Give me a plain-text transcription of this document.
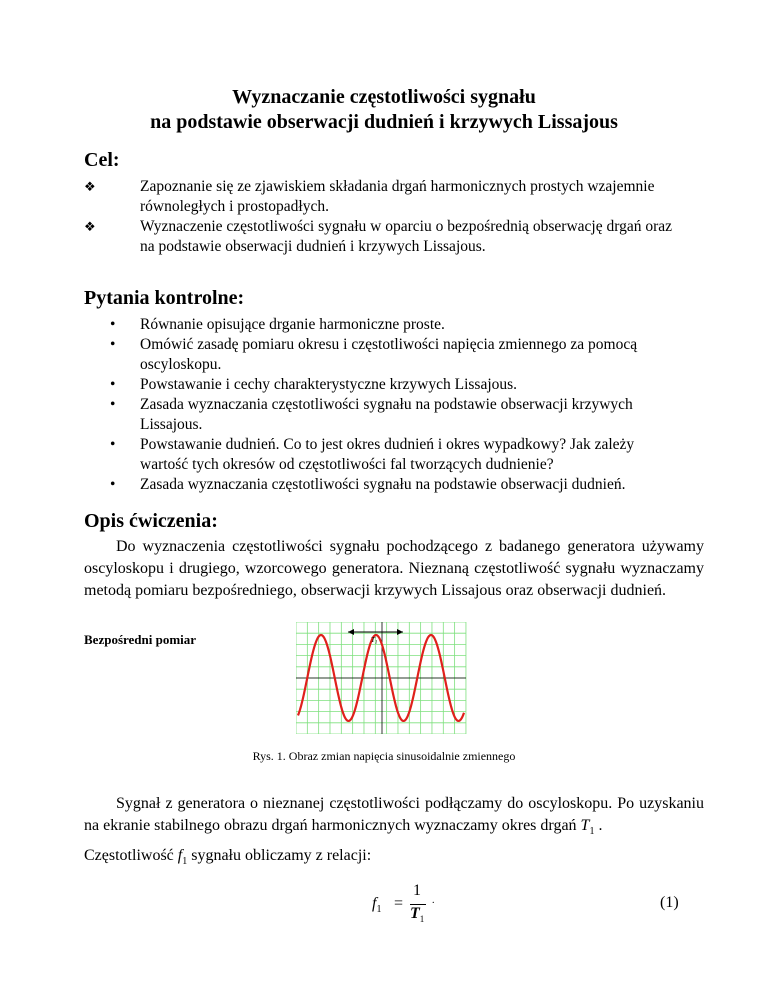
Wyznaczanie częstotliwości sygnału
na podstawie obserwacji dudnień i krzywych Lissajous
Cel:
❖	Zapoznanie się ze zjawiskiem składania drgań harmonicznych prostych wzajemnie
równoległych i prostopadłych.
❖	Wyznaczenie częstotliwości sygnału w oparciu o bezpośrednią obserwację drgań oraz
na podstawie obserwacji dudnień i krzywych Lissajous.
Pytania kontrolne:
•	Równanie opisujące drganie harmoniczne proste.
•	Omówić zasadę pomiaru okresu i częstotliwości napięcia zmiennego za pomocą
oscyloskopu.
•	Powstawanie i cechy charakterystyczne krzywych Lissajous.
•	Zasada wyznaczania częstotliwości sygnału na podstawie obserwacji krzywych
Lissajous.
•	Powstawanie dudnień. Co to jest okres dudnień i okres wypadkowy? Jak zależy
wartość tych okresów od częstotliwości fal tworzących dudnienie?
•	Zasada wyznaczania częstotliwości sygnału na podstawie obserwacji dudnień.
Opis ćwiczenia:
Do wyznaczenia częstotliwości sygnału pochodzącego z badanego generatora używamy oscyloskopu i drugiego, wzorcowego generatora. Nieznaną częstotliwość sygnału wyznaczamy metodą pomiaru bezpośredniego, obserwacji krzywych Lissajous oraz obserwacji dudnień.
Bezpośredni pomiar	$T_1$
Rys. 1. Obraz zmian napięcia sinusoidalnie zmiennego
Sygnał z generatora o nieznanej częstotliwości podłączamy do oscyloskopu. Po uzyskaniu na ekranie stabilnego obrazu drgań harmonicznych wyznaczamy okres drgań $T_1$ .
Częstotliwość $f_1$ sygnału obliczamy z relacji:
$f_1$ =
1
$T_1$
.	(1)
